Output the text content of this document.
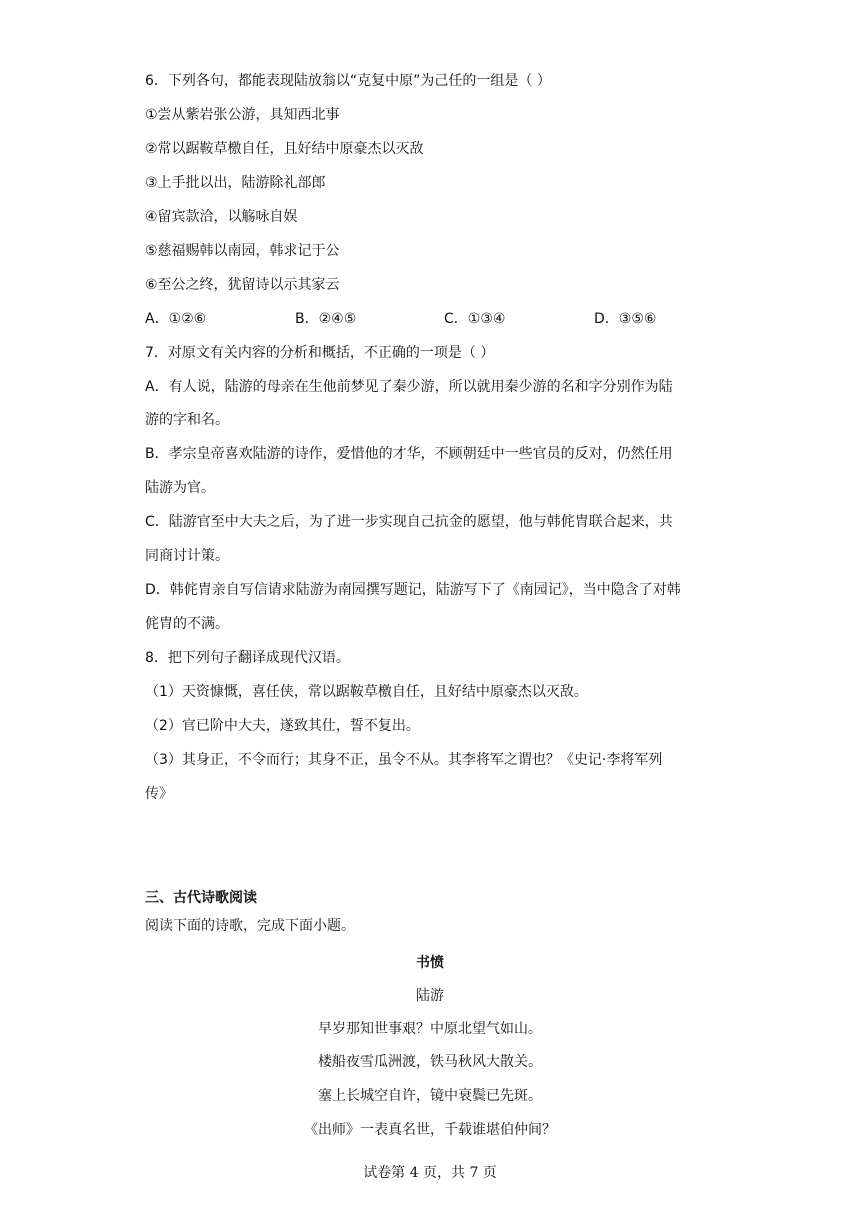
6．下列各句，都能表现陆放翁以“克复中原”为己任的一组是（ ）
①尝从紫岩张公游，具知西北事
②常以踞鞍草檄自任，且好结中原豪杰以灭敌
③上手批以出，陆游除礼部郎
④留宾款洽，以觞咏自娱
⑤慈福赐韩以南园，韩求记于公
⑥至公之终，犹留诗以示其家云
A．①②⑥	B．②④⑤	C．①③④	D．③⑤⑥
7．对原文有关内容的分析和概括，不正确的一项是（ ）
A．有人说，陆游的母亲在生他前梦见了秦少游，所以就用秦少游的名和字分别作为陆
游的字和名。
B．孝宗皇帝喜欢陆游的诗作，爱惜他的才华，不顾朝廷中一些官员的反对，仍然任用
陆游为官。
C．陆游官至中大夫之后，为了进一步实现自己抗金的愿望，他与韩侂胄联合起来，共
同商讨计策。
D．韩侂胄亲自写信请求陆游为南园撰写题记，陆游写下了《南园记》，当中隐含了对韩
侂胄的不满。
8．把下列句子翻译成现代汉语。
（1）天资慷慨，喜任侠，常以踞鞍草檄自任，且好结中原豪杰以灭敌。
（2）官已阶中大夫，遂致其仕，誓不复出。
（3）其身正，不令而行；其身不正，虽令不从。其李将军之谓也？《史记·李将军列
传》
三、古代诗歌阅读
阅读下面的诗歌，完成下面小题。
书愤
陆游
早岁那知世事艰？中原北望气如山。
楼船夜雪瓜洲渡，铁马秋风大散关。
塞上长城空自许，镜中衰鬓已先斑。
《出师》一表真名世，千载谁堪伯仲间？
试卷第 4 页，共 7 页
